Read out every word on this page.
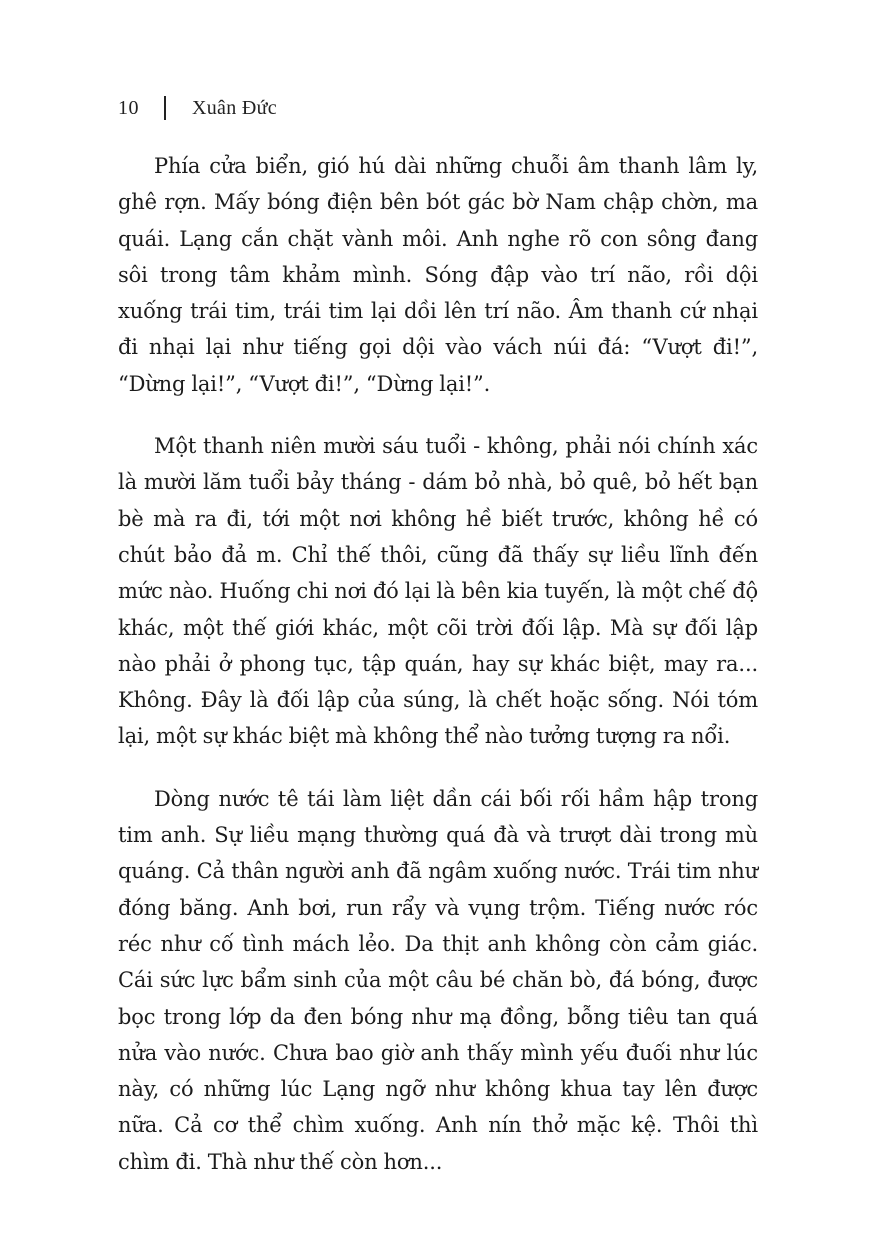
10	Xuân Đức

Phía cửa biển, gió hú dài những chuỗi âm thanh lâm ly, ghê rợn. Mấy bóng điện bên bót gác bờ Nam chập chờn, ma quái. Lạng cắn chặt vành môi. Anh nghe rõ con sông đang sôi trong tâm khảm mình. Sóng đập vào trí não, rồi dội xuống trái tim, trái tim lại dồi lên trí não. Âm thanh cứ nhại đi nhại lại như tiếng gọi dội vào vách núi đá: “Vượt đi!”, “Dừng lại!”, “Vượt đi!”, “Dừng lại!”.

Một thanh niên mười sáu tuổi - không, phải nói chính xác là mười lăm tuổi bảy tháng - dám bỏ nhà, bỏ quê, bỏ hết bạn bè mà ra đi, tới một nơi không hề biết trước, không hề có chút bảo đả m. Chỉ thế thôi, cũng đã thấy sự liều lĩnh đến mức nào. Huống chi nơi đó lại là bên kia tuyến, là một chế độ khác, một thế giới khác, một cõi trời đối lập. Mà sự đối lập nào phải ở phong tục, tập quán, hay sự khác biệt, may ra... Không. Đây là đối lập của súng, là chết hoặc sống. Nói tóm lại, một sự khác biệt mà không thể nào tưởng tượng ra nổi.

Dòng nước tê tái làm liệt dần cái bối rối hầm hập trong tim anh. Sự liều mạng thường quá đà và trượt dài trong mù quáng. Cả thân người anh đã ngâm xuống nước. Trái tim như đóng băng. Anh bơi, run rẩy và vụng trộm. Tiếng nước róc réc như cố tình mách lẻo. Da thịt anh không còn cảm giác. Cái sức lực bẩm sinh của một câu bé chăn bò, đá bóng, được bọc trong lớp da đen bóng như mạ đồng, bỗng tiêu tan quá nửa vào nước. Chưa bao giờ anh thấy mình yếu đuối như lúc này, có những lúc Lạng ngỡ như không khua tay lên được nữa. Cả cơ thể chìm xuống. Anh nín thở mặc kệ. Thôi thì chìm đi. Thà như thế còn hơn...
